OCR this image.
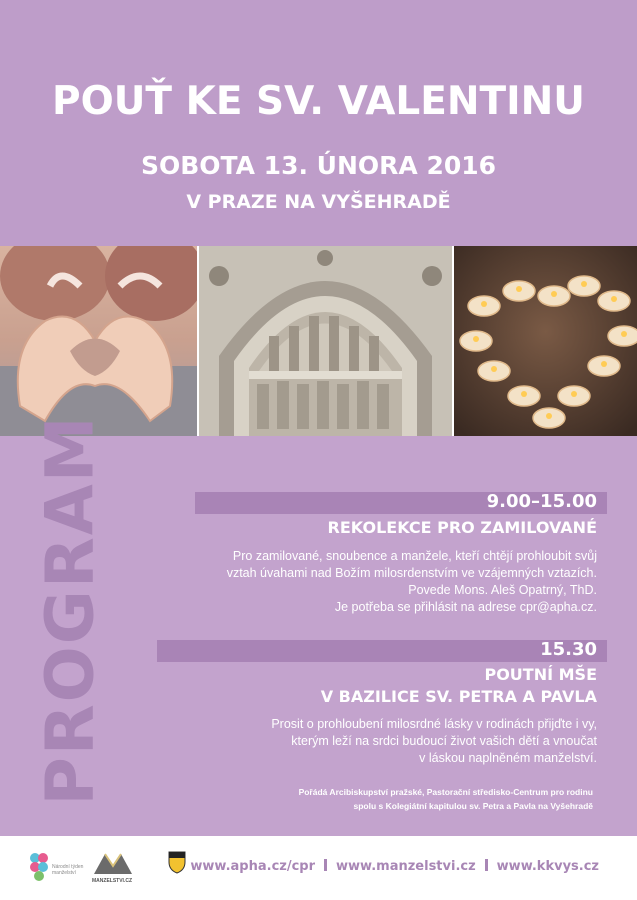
POUŤ KE SV. VALENTINU
SOBOTA 13. ÚNORA 2016
V PRAZE NA VYŠEHRADĚ
PROGRAM	9.00–15.00
REKOLEKCE PRO ZAMILOVANÉ
Pro zamilované, snoubence a manžele, kteří chtějí prohloubit svůj
vztah úvahami nad Božím milosrdenstvím ve vzájemných vztazích.
Povede Mons. Aleš Opatrný, ThD.
Je potřeba se přihlásit na adrese cpr@apha.cz.
15.30
POUTNÍ MŠE
V BAZILICE SV. PETRA A PAVLA
Prosit o prohloubení milosrdné lásky v rodinách přijďte i vy,
kterým leží na srdci budoucí život vašich dětí a vnoučat
v láskou naplněném manželství.
Pořádá Arcibiskupství pražské, Pastorační středisko-Centrum pro rodinu
spolu s Kolegiátní kapitulou sv. Petra a Pavla na Vyšehradě
Národní týden manželství
MANZELSTVI.CZ
www.apha.cz/cpr www.manzelstvi.cz www.kkvys.cz
